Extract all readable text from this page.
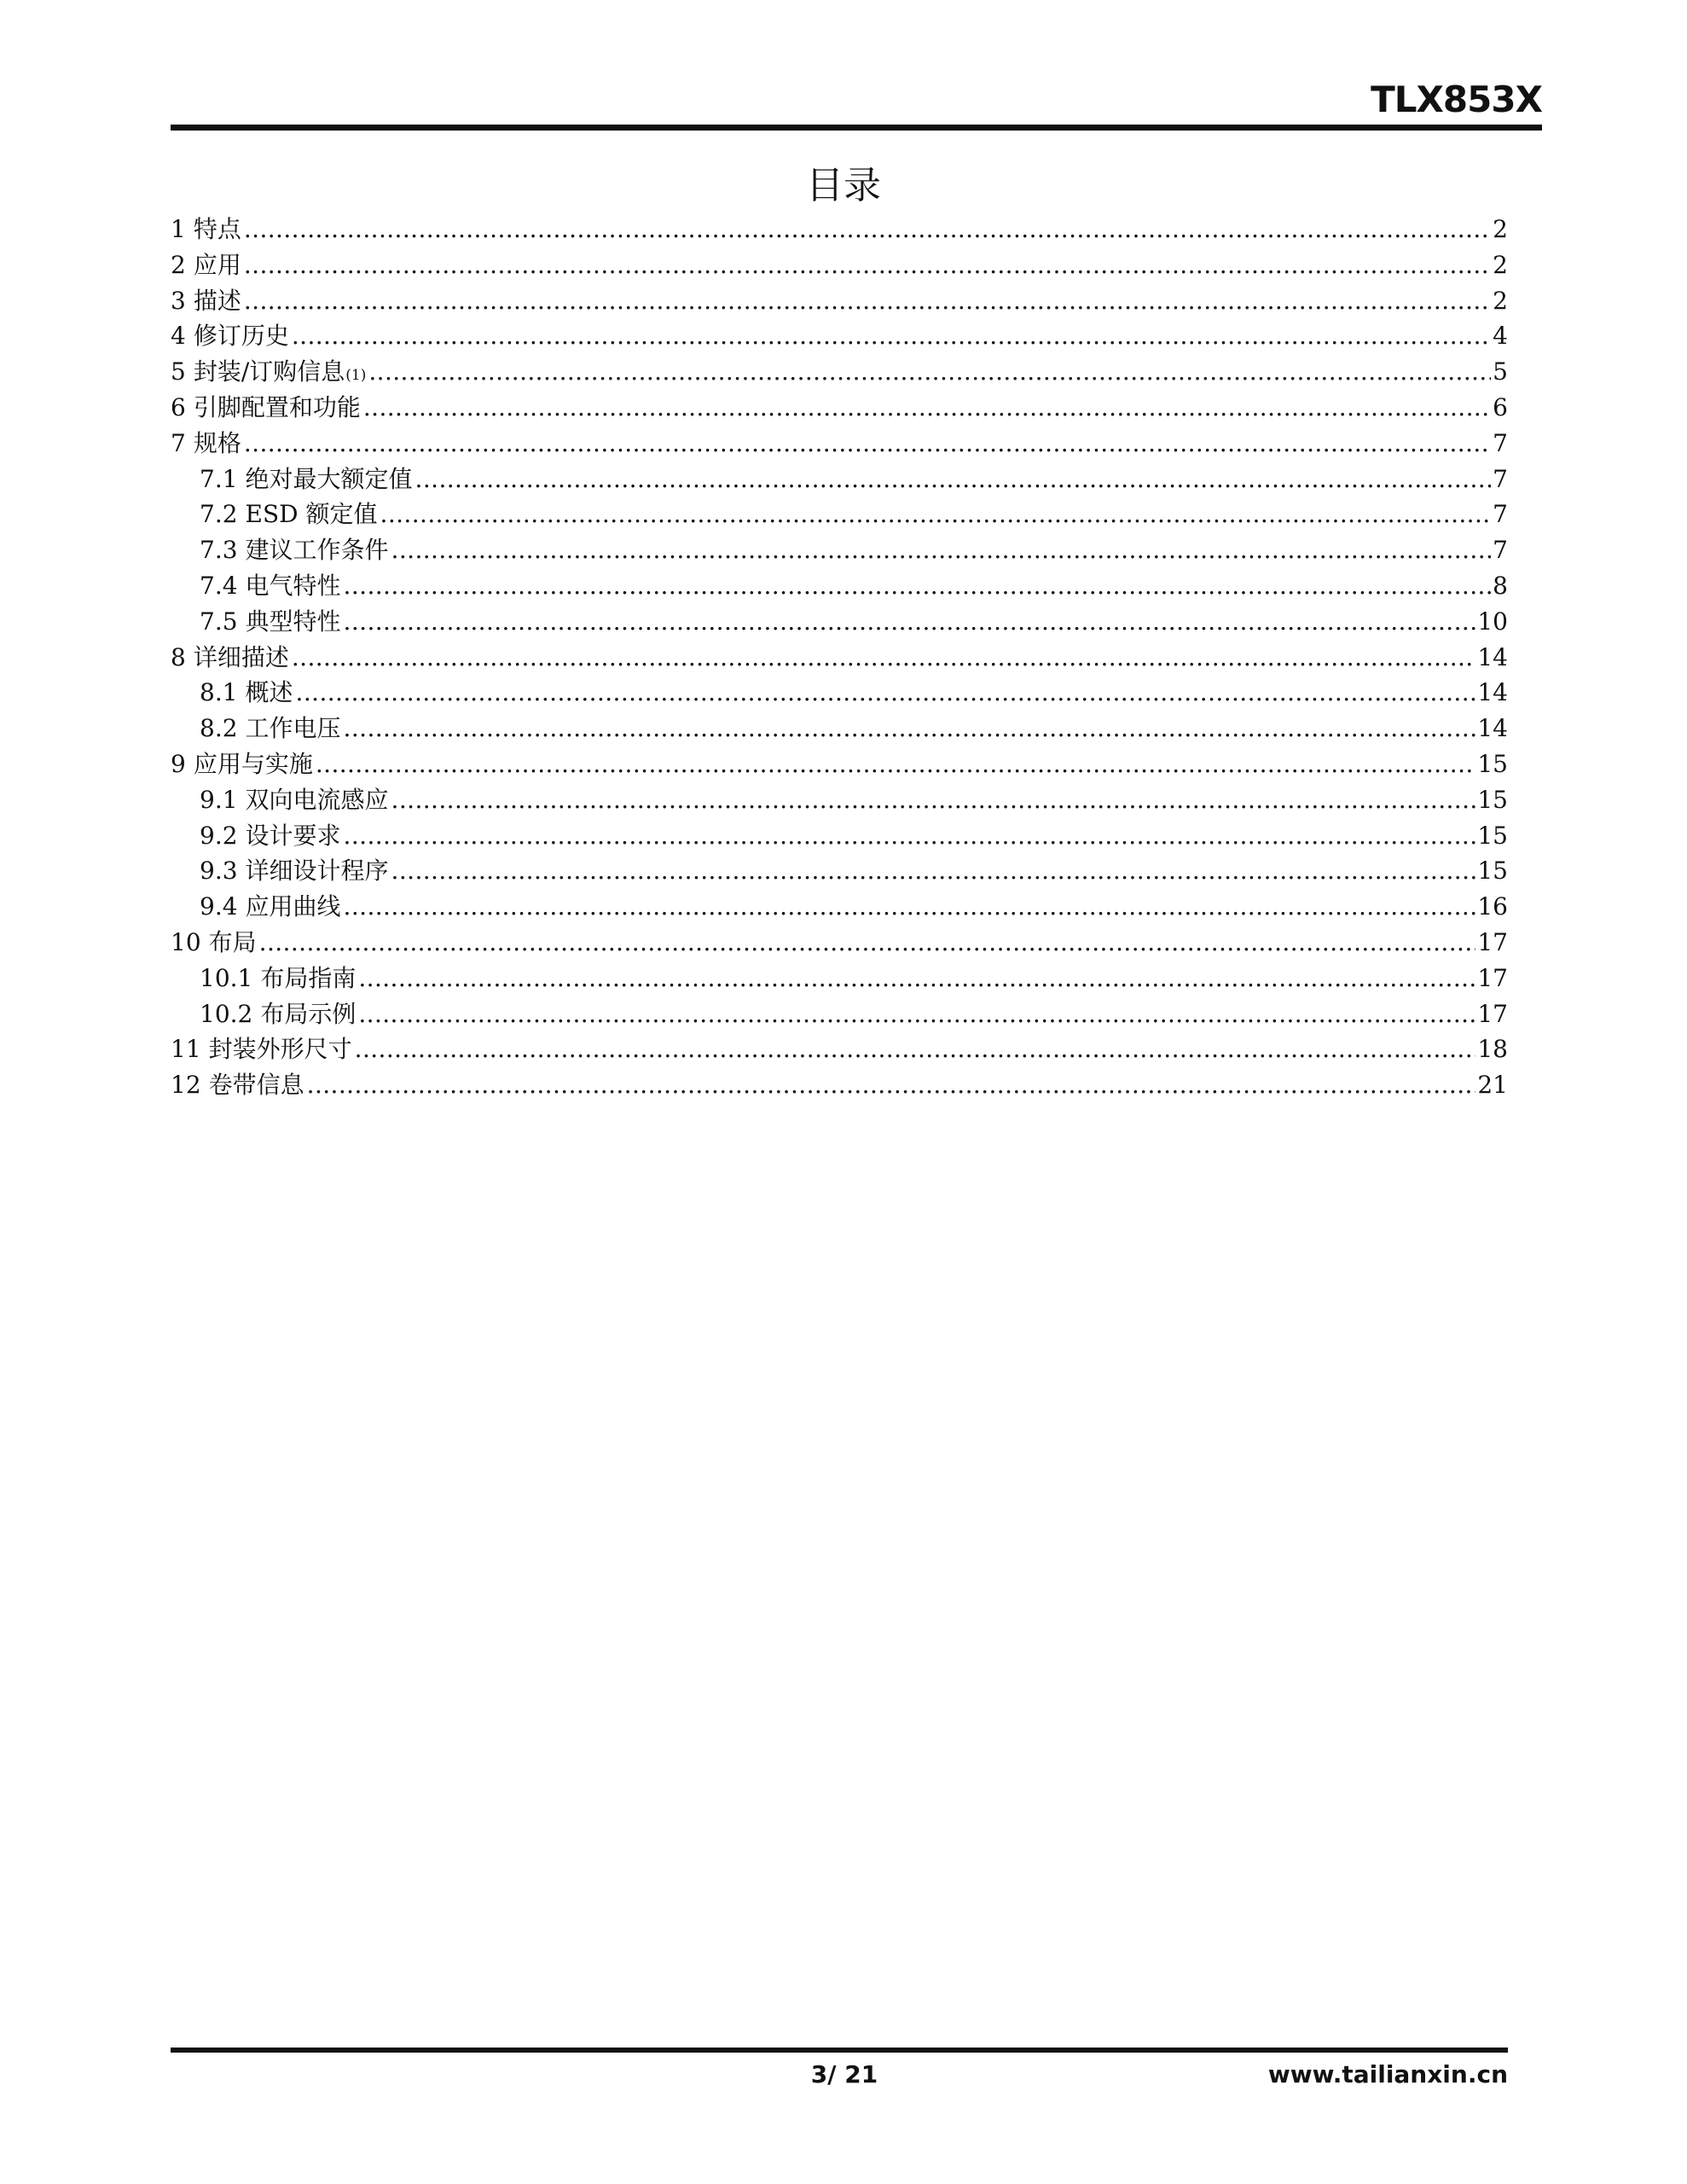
TLX853X
目录
1 特点 .....	2
2 应用 .....	2
3 描述 .....	2
4 修订历史 .....	4
5 封装/订购信息 (1) .....	5
6 引脚配置和功能 .....	6
7 规格 .....	7
7.1 绝对最大额定值 .....	7
7.2 ESD 额定值 .....	7
7.3 建议工作条件 .....	7
7.4 电气特性 .....	8
7.5 典型特性 .....	10
8 详细描述 .....	14
8.1 概述 .....	14
8.2 工作电压 .....	14
9 应用与实施 .....	15
9.1 双向电流感应 .....	15
9.2 设计要求 .....	15
9.3 详细设计程序 .....	15
9.4 应用曲线 .....	16
10 布局 .....	17
10.1 布局指南 .....	17
10.2 布局示例 .....	17
11 封装外形尺寸 .....	18
12 卷带信息 .....	21
3/ 21	www.tailianxin.cn
